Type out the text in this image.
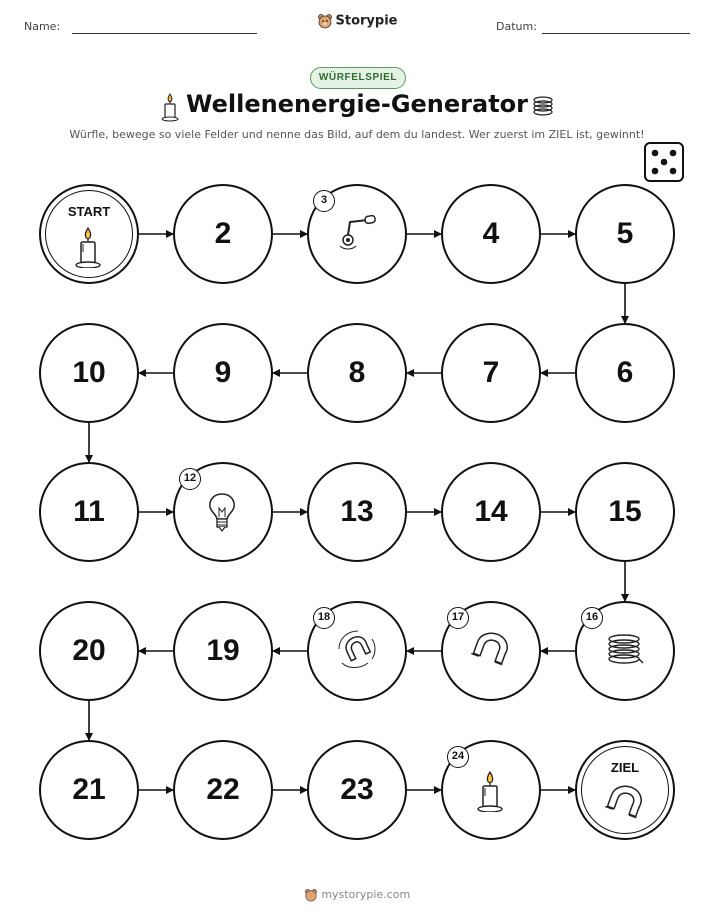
Name:	Storypie	Datum:
WÜRFELSPIEL
Wellenenergie-Generator
Würfle, bewege so viele Felder und nenne das Bild, auf dem du landest. Wer zuerst im ZIEL ist, gewinnt!
START
2
3
4	5
6
7
8
9
10
11
12
13	14	15
16
17
18
19
20
21	22	23
24
ZIEL
mystorypie.com
